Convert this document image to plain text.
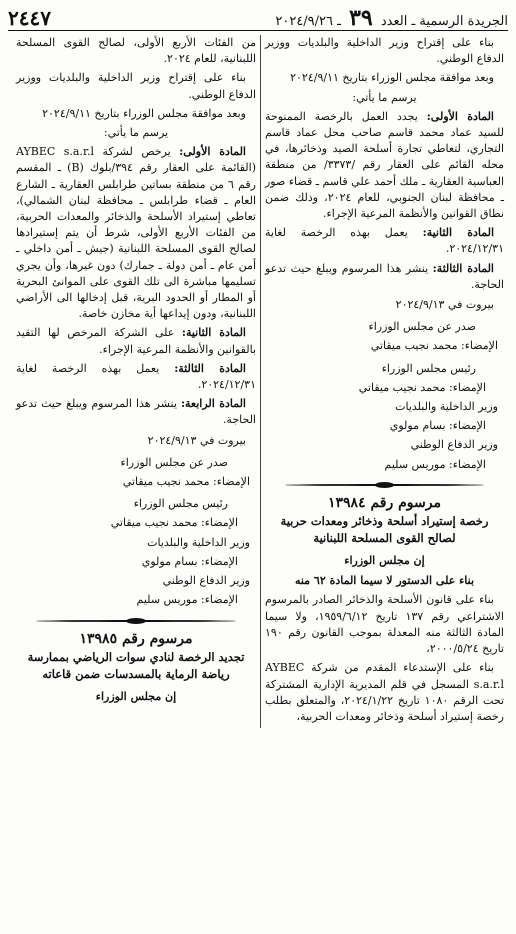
الجريدة الرسمية ـ العدد ٣٩ ـ ٢٠٢٤/٩/٢٦
٢٤٤٧

بناء على إقتراح وزير الداخلية والبلديات ووزير الدفاع الوطني.

وبعد موافقة مجلس الوزراء بتاريخ ٢٠٢٤/٩/١١

يرسم ما يأتي:

المادة الأولى: يجدد العمل بالرخصة الممنوحة للسيد عماد محمد قاسم صاحب محل عماد قاسم التجاري، لتعاطي تجارة أسلحة الصيد وذخائرها، في محله القائم على العقار رقم /٣٣٧٣/ من منطقة العباسية العقارية ـ ملك أحمد علي قاسم ـ قضاء صور ـ محافظة لبنان الجنوبي، للعام ٢٠٢٤، وذلك ضمن نطاق القوانين والأنظمة المرعية الإجراء.

المادة الثانية: يعمل بهذه الرخصة لغاية ٢٠٢٤/١٢/٣١.

المادة الثالثة: ينشر هذا المرسوم ويبلغ حيث تدعو الحاجة.

بيروت في ٢٠٢٤/٩/١٣

صدر عن مجلس الوزراء

الإمضاء: محمد نجيب ميقاتي

رئيس مجلس الوزراء

الإمضاء: محمد نجيب ميقاتي

وزير الداخلية والبلديات

الإمضاء: بسام مولوي

وزير الدفاع الوطني

الإمضاء: موريس سليم

مرسوم رقم ١٣٩٨٤
رخصة إستيراد أسلحة وذخائر ومعدات حربية لصالح القوى المسلحة اللبنانية

إن مجلس الوزراء

بناء على الدستور لا سيما المادة ٦٢ منه

بناء على قانون الأسلحة والذخائر الصادر بالمرسوم الاشتراعي رقم ١٣٧ تاريخ ١٩٥٩/٦/١٢، ولا سيما المادة الثالثة منه المعدلة بموجب القانون رقم ١٩٠ تاريخ ٢٠٠٠/٥/٢٤،

بناء على الإستدعاء المقدم من شركة AYBEC s.a.r.l المسجل في قلم المديرية الإدارية المشتركة تحت الرقم ١٠٨٠ تاريخ ٢٠٢٤/١/٢٢، والمتعلق بطلب رخصة إستيراد أسلحة وذخائر ومعدات الحربية،

من الفئات الأربع الأولى، لصالح القوى المسلحة اللبنانية، للعام ٢٠٢٤.

بناء على إقتراح وزير الداخلية والبلديات ووزير الدفاع الوطني.

وبعد موافقة مجلس الوزراء بتاريخ ٢٠٢٤/٩/١١

يرسم ما يأتي:

المادة الأولى: يرخص لشركة AYBEC s.a.r.l (القائمة على العقار رقم ٣٩٤/بلوك (B) ـ المقسم رقم ٦ من منطقة بساتين طرابلس العقارية ـ الشارع العام ـ قضاء طرابلس ـ محافظة لبنان الشمالي)، تعاطي إستيراد الأسلحة والذخائر والمعدات الحربية، من الفئات الأربع الأولى، شرط أن يتم إستيرادها لصالح القوى المسلحة اللبنانية (جيش ـ أمن داخلي ـ أمن عام ـ أمن دولة ـ جمارك) دون غيرها، وأن يجري تسليمها مباشرة الى تلك القوى على الموانئ البحرية أو المطار أو الحدود البرية، قبل إدخالها الى الأراضي اللبنانية، ودون إيداعها أية مخازن خاصة.

المادة الثانية: على الشركة المرخص لها التقيد بالقوانين والأنظمة المرعية الإجراء.

المادة الثالثة: يعمل بهذه الرخصة لغاية ٢٠٢٤/١٢/٣١.

المادة الرابعة: ينشر هذا المرسوم ويبلغ حيث تدعو الحاجة.

بيروت في ٢٠٢٤/٩/١٣

صدر عن مجلس الوزراء

الإمضاء: محمد نجيب ميقاتي

رئيس مجلس الوزراء

الإمضاء: محمد نجيب ميقاتي

وزير الداخلية والبلديات

الإمضاء: بسام مولوي

وزير الدفاع الوطني

الإمضاء: موريس سليم

مرسوم رقم ١٣٩٨٥
تجديد الرخصة لنادي سوات الرياضي بممارسة رياضة الرماية بالمسدسات ضمن قاعاته

إن مجلس الوزراء
